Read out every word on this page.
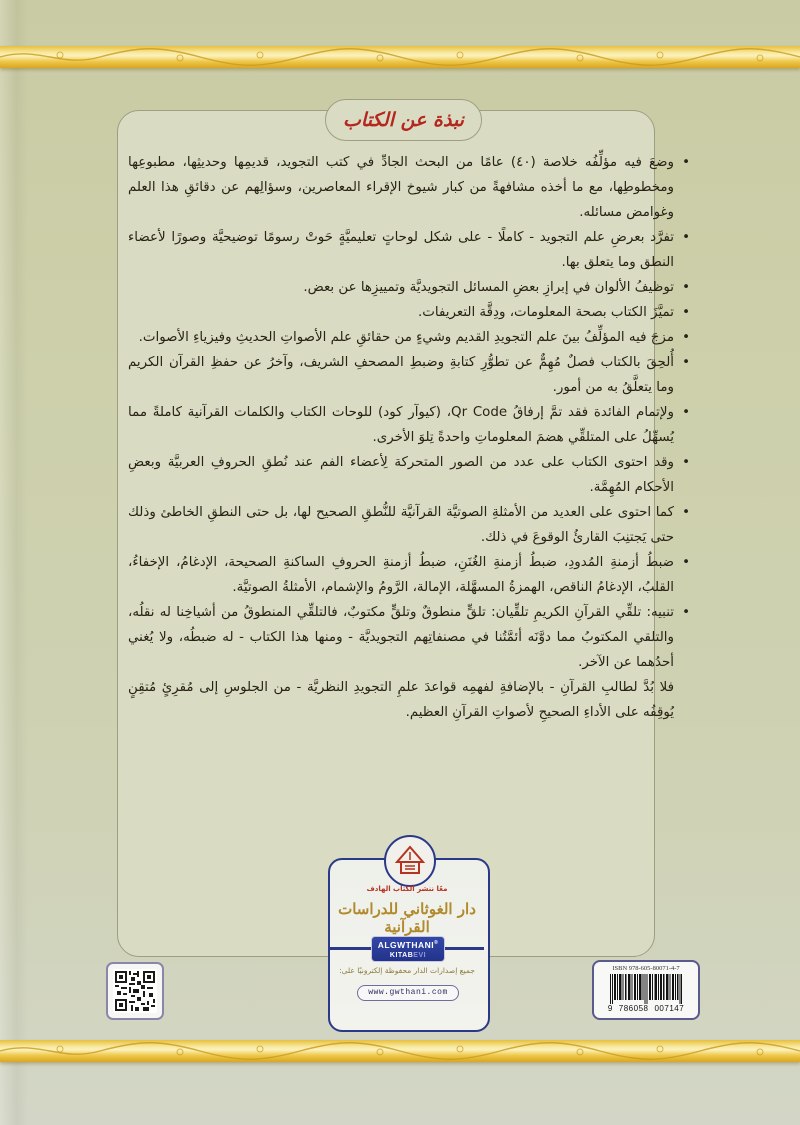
نبذة عن الكتاب

• وضعَ فيه مؤلِّفُه خلاصة (٤٠) عامًا من البحث الجادِّ في كتب التجويد، قديمِها وحديثِها، مطبوعِها ومخطوطِها، مع ما أخذه مشافهةً من كبار شيوخ الإقراء المعاصرين، وسؤالِهم عن دقائقِ هذا العلم وغوامض مسائله.

• تفرَّد بعرضِ علم التجويد - كاملًا - على شكل لوحاتٍ تعليميَّةٍ حَوتْ رسومًا توضيحيَّة وصورًا لأعضاء النطق وما يتعلق بها.

• توظيفُ الألوان في إبرازِ بعضِ المسائل التجويديَّة وتمييزِها عن بعض.

• تميَّزَ الكتاب بصحة المعلومات، ودِقَّة التعريفات.

• مزجَ فيه المؤلِّفُ بينَ علم التجويدِ القديم وشيءٍ من حقائقِ علم الأصواتِ الحديثِ وفيزياءِ الأصوات.

• أُلحِقَ بالكتاب فصلٌ مُهِمٌّ عن تطوُّرِ كتابةِ وضبطِ المصحفِ الشريف، وآخرُ عن حفظِ القرآن الكريم وما يتعلَّقُ به من أمور.

• ولإتمام الفائدة فقد تمَّ إرفاقُ Qr Code، (كيوآر كود) للوحات الكتاب والكلمات القرآنية كاملةً مما يُسهِّلُ على المتلقِّي هضمَ المعلوماتِ واحدةً تِلوَ الأخرى.

• وقد احتوى الكتاب على عدد من الصور المتحركة لِأعضاء الفم عند نُطقِ الحروفِ العربيَّة وبعضِ الأحكام المُهِمَّة.

• كما احتوى على العديد من الأمثلةِ الصوتيَّة القرآنيَّة للنُّطقِ الصحيح لها، بل حتى النطقِ الخاطئ وذلك حتى يَجتنِبَ القارئُ الوقوعَ في ذلك.

• ضبطُ أزمنةِ المُدودِ، ضبطُ أزمنةِ الغُنَنِ، ضبطُ أزمنةِ الحروفِ الساكنةِ الصحيحة، الإدغامُ، الإخفاءُ، القلبُ، الإدغامُ الناقص، الهمزةُ المسهَّلة، الإمالة، الرَّومُ والإشمام، الأمثلةُ الصوتيَّة.

• تنبيه: تلقِّي القرآنِ الكريمِ تلقِّيان: تلقٍّ منطوقٌ وتلقٍّ مكتوبٌ، فالتلقِّي المنطوقُ من أشياخِنا له نقلُه، والتلقي المكتوبُ مما دوَّنَه أئمَّتُنا في مصنفاتِهم التجويديَّة - ومنها هذا الكتاب - له ضبطُه، ولا يُغني أحدُهما عن الآخر.

فلا بُدَّ لطالبِ القرآنِ - بالإضافةِ لفهمِه قواعدَ علمِ التجويدِ النظريَّة - من الجلوسِ إلى مُقرِئٍ مُتقِنٍ يُوقِفُه على الأداءِ الصحيحِ لأصواتِ القرآنِ العظيم.

معًا ننشر الكتاب الهادف
دار الغوثاني للدراسات القرآنية
ALGWTHANI®
KITABEVI
جميع إصدارات الدار محفوظة إلكترونيًا على:
www.gwthani.com
ISBN 978-605-80071-4-7
9 786058 007147
